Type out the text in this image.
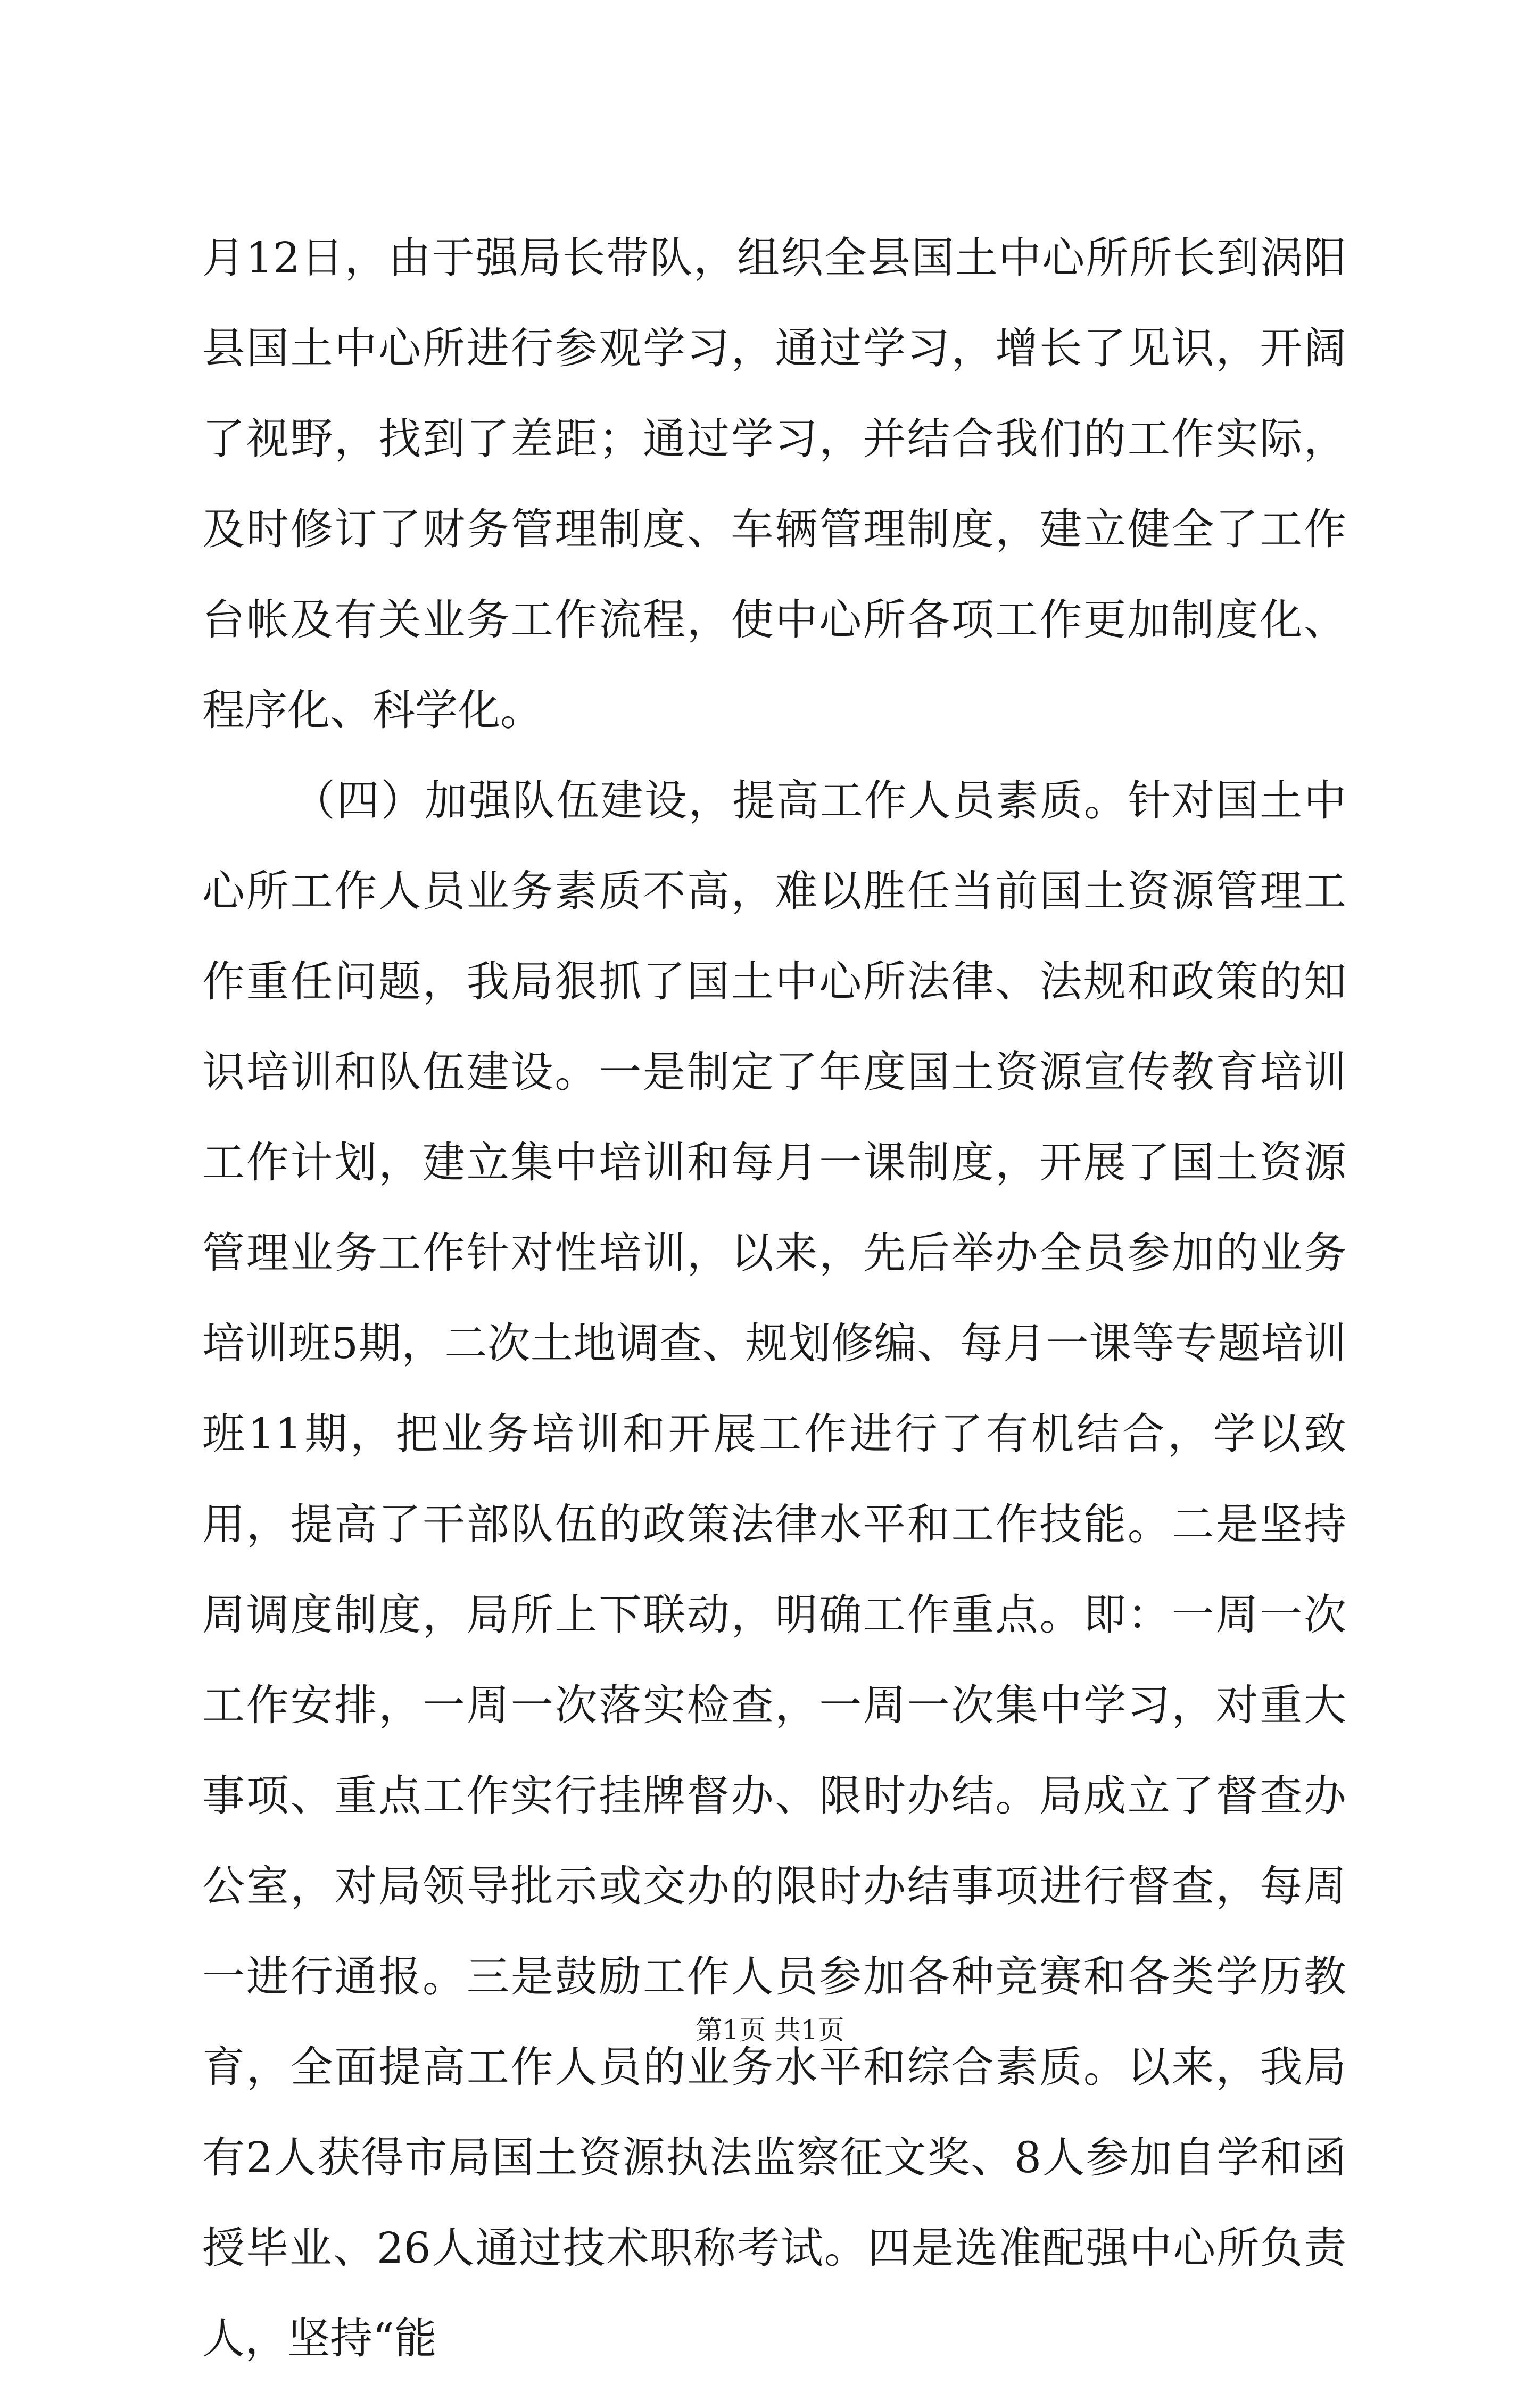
月12日，由于强局长带队，组织全县国土中心所所长到涡阳县国土中心所进行参观学习，通过学习，增长了见识，开阔了视野，找到了差距；通过学习，并结合我们的工作实际，及时修订了财务管理制度、车辆管理制度，建立健全了工作台帐及有关业务工作流程，使中心所各项工作更加制度化、程序化、科学化。

（四）加强队伍建设，提高工作人员素质。针对国土中心所工作人员业务素质不高，难以胜任当前国土资源管理工作重任问题，我局狠抓了国土中心所法律、法规和政策的知识培训和队伍建设。一是制定了年度国土资源宣传教育培训工作计划，建立集中培训和每月一课制度，开展了国土资源管理业务工作针对性培训，以来，先后举办全员参加的业务培训班5期，二次土地调查、规划修编、每月一课等专题培训班11期，把业务培训和开展工作进行了有机结合，学以致用，提高了干部队伍的政策法律水平和工作技能。二是坚持周调度制度，局所上下联动，明确工作重点。即：一周一次工作安排，一周一次落实检查，一周一次集中学习，对重大事项、重点工作实行挂牌督办、限时办结。局成立了督查办公室，对局领导批示或交办的限时办结事项进行督查，每周一进行通报。三是鼓励工作人员参加各种竞赛和各类学历教育，全面提高工作人员的业务水平和综合素质。以来，我局有2人获得市局国土资源执法监察征文奖、8人参加自学和函授毕业、26人通过技术职称考试。四是选准配强中心所负责人，坚持“能

第1页 共1页
